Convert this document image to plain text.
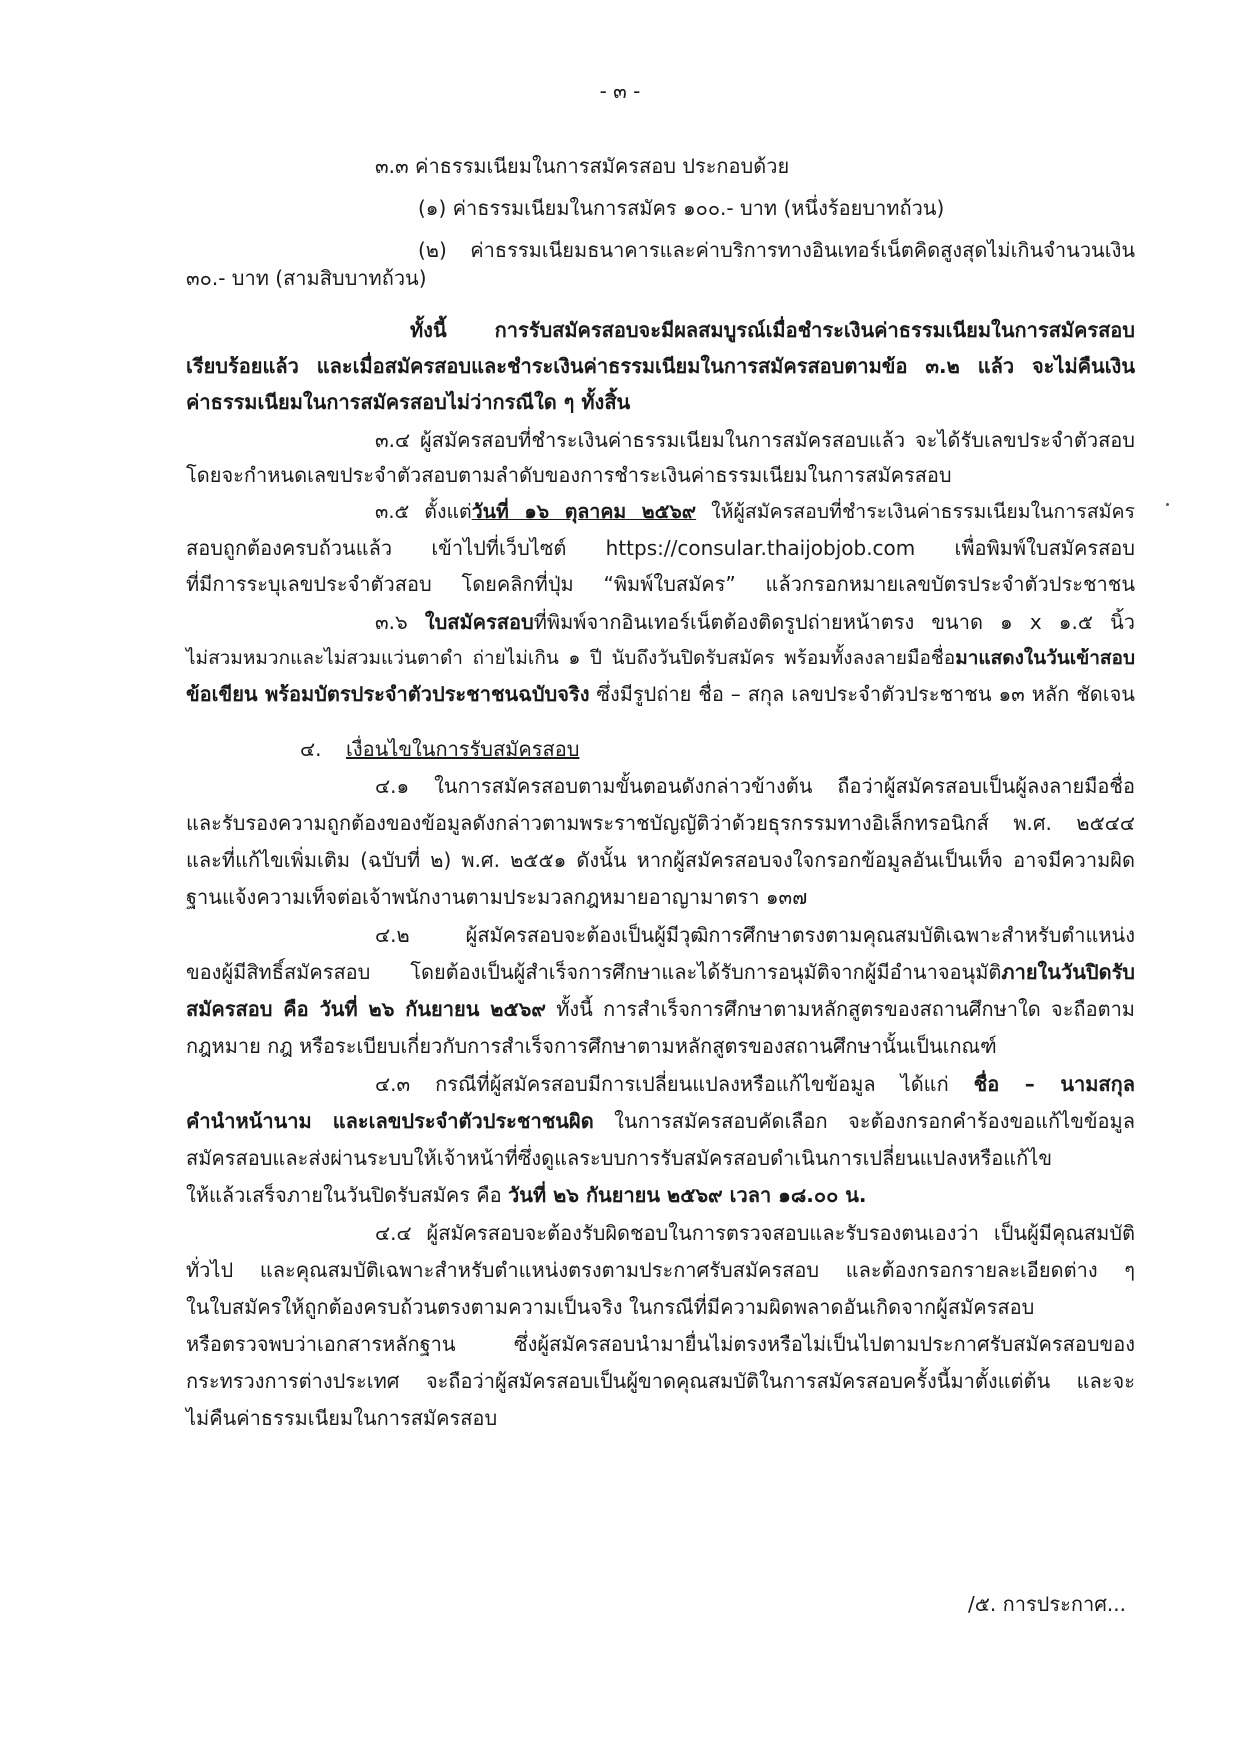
- ๓ -
๓.๓ ค่าธรรมเนียมในการสมัครสอบ ประกอบด้วย
(๑) ค่าธรรมเนียมในการสมัคร ๑๐๐.- บาท (หนึ่งร้อยบาทถ้วน)
(๒) ค่าธรรมเนียมธนาคารและค่าบริการทางอินเทอร์เน็ตคิดสูงสุดไม่เกินจำนวนเงิน
๓๐.- บาท (สามสิบบาทถ้วน)
ทั้งนี้ การรับสมัครสอบจะมีผลสมบูรณ์เมื่อชำระเงินค่าธรรมเนียมในการสมัครสอบ
เรียบร้อยแล้ว และเมื่อสมัครสอบและชำระเงินค่าธรรมเนียมในการสมัครสอบตามข้อ ๓.๒ แล้ว จะไม่คืนเงิน
ค่าธรรมเนียมในการสมัครสอบไม่ว่ากรณีใด ๆ ทั้งสิ้น
๓.๔ ผู้สมัครสอบที่ชำระเงินค่าธรรมเนียมในการสมัครสอบแล้ว จะได้รับเลขประจำตัวสอบ
โดยจะกำหนดเลขประจำตัวสอบตามลำดับของการชำระเงินค่าธรรมเนียมในการสมัครสอบ
๓.๕ ตั้งแต่วันที่ ๑๖ ตุลาคม ๒๕๖๙ ให้ผู้สมัครสอบที่ชำระเงินค่าธรรมเนียมในการสมัคร
สอบถูกต้องครบถ้วนแล้ว เข้าไปที่เว็บไซต์ https://consular.thaijobjob.com เพื่อพิมพ์ใบสมัครสอบ
ที่มีการระบุเลขประจำตัวสอบ โดยคลิกที่ปุ่ม “พิมพ์ใบสมัคร” แล้วกรอกหมายเลขบัตรประจำตัวประชาชน
๓.๖ ใบสมัครสอบที่พิมพ์จากอินเทอร์เน็ตต้องติดรูปถ่ายหน้าตรง ขนาด ๑ x ๑.๕ นิ้ว
ไม่สวมหมวกและไม่สวมแว่นตาดำ ถ่ายไม่เกิน ๑ ปี นับถึงวันปิดรับสมัคร พร้อมทั้งลงลายมือชื่อมาแสดงในวันเข้าสอบ
ข้อเขียน พร้อมบัตรประจำตัวประชาชนฉบับจริง ซึ่งมีรูปถ่าย ชื่อ – สกุล เลขประจำตัวประชาชน ๑๓ หลัก ชัดเจน
๔. เงื่อนไขในการรับสมัครสอบ
๔.๑ ในการสมัครสอบตามขั้นตอนดังกล่าวข้างต้น ถือว่าผู้สมัครสอบเป็นผู้ลงลายมือชื่อ
และรับรองความถูกต้องของข้อมูลดังกล่าวตามพระราชบัญญัติว่าด้วยธุรกรรมทางอิเล็กทรอนิกส์ พ.ศ. ๒๕๔๔
และที่แก้ไขเพิ่มเติม (ฉบับที่ ๒) พ.ศ. ๒๕๕๑ ดังนั้น หากผู้สมัครสอบจงใจกรอกข้อมูลอันเป็นเท็จ อาจมีความผิด
ฐานแจ้งความเท็จต่อเจ้าพนักงานตามประมวลกฎหมายอาญามาตรา ๑๓๗
๔.๒ ผู้สมัครสอบจะต้องเป็นผู้มีวุฒิการศึกษาตรงตามคุณสมบัติเฉพาะสำหรับตำแหน่ง
ของผู้มีสิทธิ์สมัครสอบ โดยต้องเป็นผู้สำเร็จการศึกษาและได้รับการอนุมัติจากผู้มีอำนาจอนุมัติภายในวันปิดรับ
สมัครสอบ คือ วันที่ ๒๖ กันยายน ๒๕๖๙ ทั้งนี้ การสำเร็จการศึกษาตามหลักสูตรของสถานศึกษาใด จะถือตาม
กฎหมาย กฎ หรือระเบียบเกี่ยวกับการสำเร็จการศึกษาตามหลักสูตรของสถานศึกษานั้นเป็นเกณฑ์
๔.๓ กรณีที่ผู้สมัครสอบมีการเปลี่ยนแปลงหรือแก้ไขข้อมูล ได้แก่ ชื่อ – นามสกุล
คำนำหน้านาม และเลขประจำตัวประชาชนผิด ในการสมัครสอบคัดเลือก จะต้องกรอกคำร้องขอแก้ไขข้อมูล
สมัครสอบและส่งผ่านระบบให้เจ้าหน้าที่ซึ่งดูแลระบบการรับสมัครสอบดำเนินการเปลี่ยนแปลงหรือแก้ไข
ให้แล้วเสร็จภายในวันปิดรับสมัคร คือ วันที่ ๒๖ กันยายน ๒๕๖๙ เวลา ๑๘.๐๐ น.
๔.๔ ผู้สมัครสอบจะต้องรับผิดชอบในการตรวจสอบและรับรองตนเองว่า เป็นผู้มีคุณสมบัติ
ทั่วไป และคุณสมบัติเฉพาะสำหรับตำแหน่งตรงตามประกาศรับสมัครสอบ และต้องกรอกรายละเอียดต่าง ๆ
ในใบสมัครให้ถูกต้องครบถ้วนตรงตามความเป็นจริง ในกรณีที่มีความผิดพลาดอันเกิดจากผู้สมัครสอบ
หรือตรวจพบว่าเอกสารหลักฐาน ซึ่งผู้สมัครสอบนำมายื่นไม่ตรงหรือไม่เป็นไปตามประกาศรับสมัครสอบของ
กระทรวงการต่างประเทศ จะถือว่าผู้สมัครสอบเป็นผู้ขาดคุณสมบัติในการสมัครสอบครั้งนี้มาตั้งแต่ต้น และจะ
ไม่คืนค่าธรรมเนียมในการสมัครสอบ
/๕. การประกาศ...
